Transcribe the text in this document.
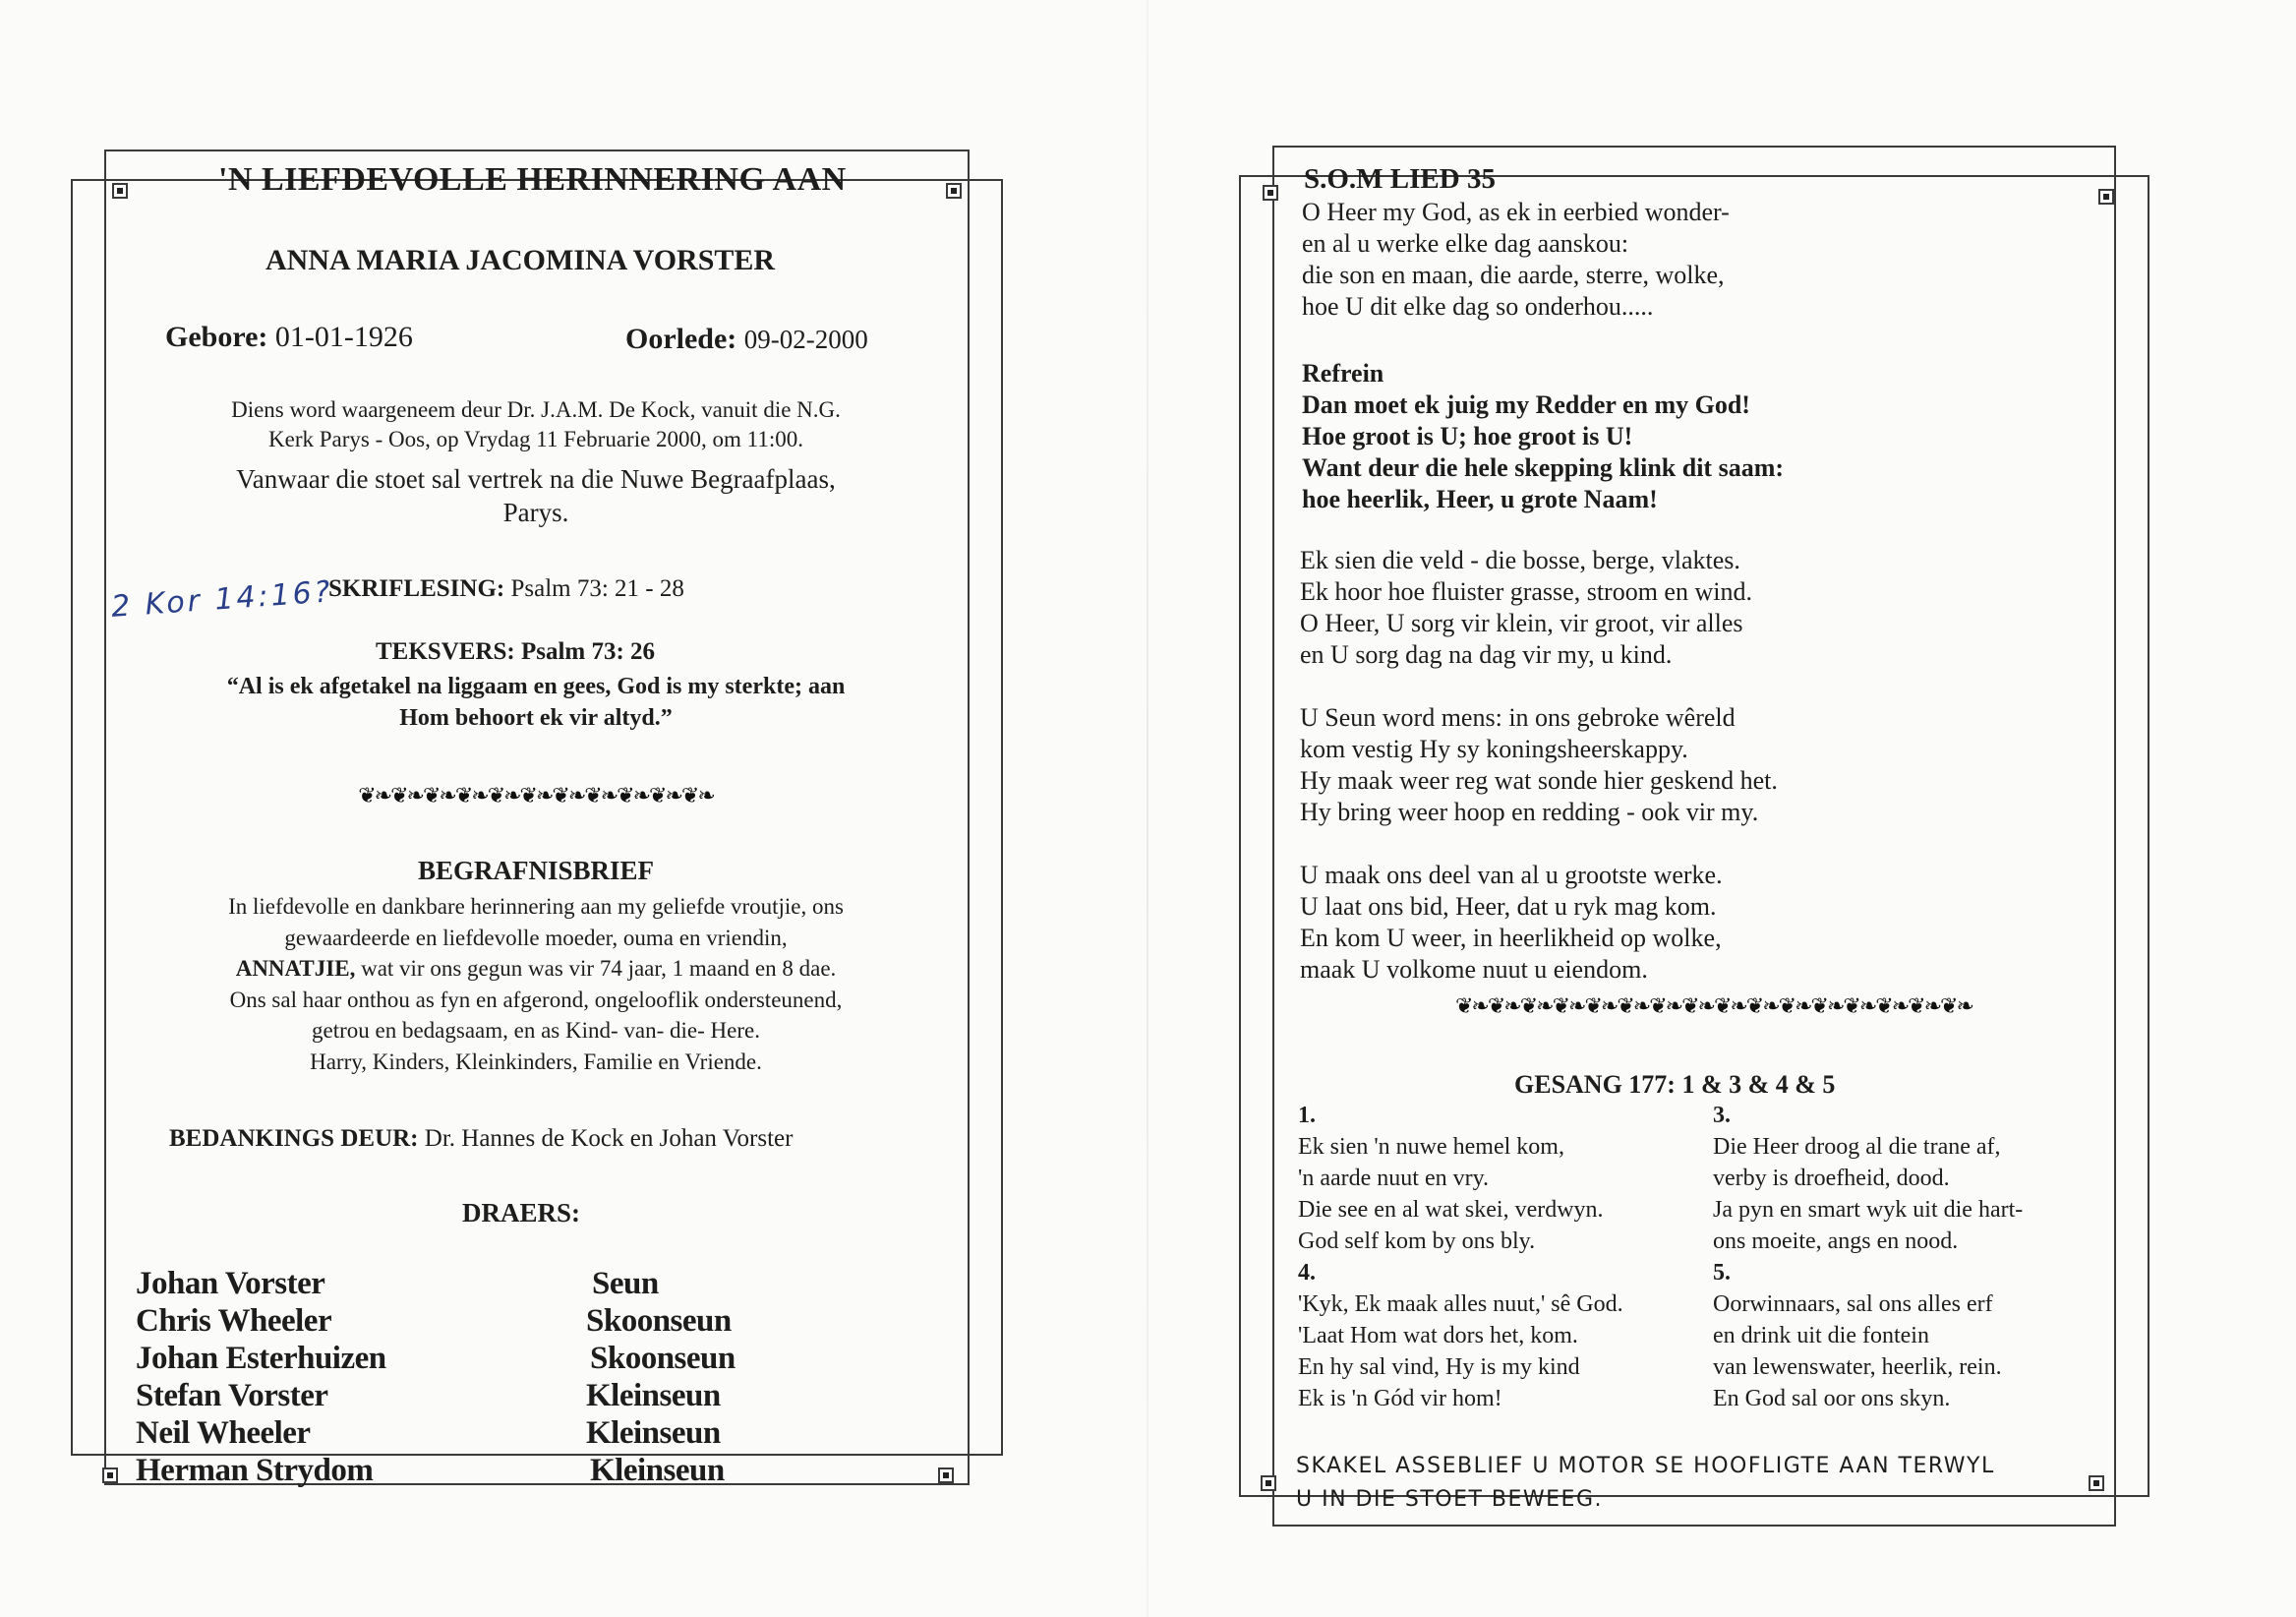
'N LIEFDEVOLLE HERINNERING AAN
ANNA MARIA JACOMINA VORSTER
Gebore: 01-01-1926	Oorlede: 09-02-2000
Diens word waargeneem deur Dr. J.A.M. De Kock, vanuit die N.G.
Kerk Parys - Oos, op Vrydag 11 Februarie 2000, om 11:00.
Vanwaar die stoet sal vertrek na die Nuwe Begraafplaas,
Parys.
2 Kor 14:16?
SKRIFLESING: Psalm 73: 21 - 28
TEKSVERS: Psalm 73: 26
“Al is ek afgetakel na liggaam en gees, God is my sterkte; aan
Hom behoort ek vir altyd.”
❦❧❦❧❦❧❦❧❦❧❦❧❦❧❦❧❦❧❦❧❦❧
BEGRAFNISBRIEF
In liefdevolle en dankbare herinnering aan my geliefde vroutjie, ons
gewaardeerde en liefdevolle moeder, ouma en vriendin,
ANNATJIE, wat vir ons gegun was vir 74 jaar, 1 maand en 8 dae.
Ons sal haar onthou as fyn en afgerond, ongelooflik ondersteunend,
getrou en bedagsaam, en as Kind- van- die- Here.
Harry, Kinders, Kleinkinders, Familie en Vriende.
BEDANKINGS DEUR: Dr. Hannes de Kock en Johan Vorster
DRAERS:
Johan Vorster	Seun
Chris Wheeler	Skoonseun
Johan Esterhuizen	Skoonseun
Stefan Vorster	Kleinseun
Neil Wheeler	Kleinseun
Herman Strydom	Kleinseun
S.O.M LIED 35
O Heer my God, as ek in eerbied wonder-
en al u werke elke dag aanskou:
die son en maan, die aarde, sterre, wolke,
hoe U dit elke dag so onderhou.....
Refrein
Dan moet ek juig my Redder en my God!
Hoe groot is U; hoe groot is U!
Want deur die hele skepping klink dit saam:
hoe heerlik, Heer, u grote Naam!
Ek sien die veld - die bosse, berge, vlaktes.
Ek hoor hoe fluister grasse, stroom en wind.
O Heer, U sorg vir klein, vir groot, vir alles
en U sorg dag na dag vir my, u kind.
U Seun word mens: in ons gebroke wêreld
kom vestig Hy sy koningsheerskappy.
Hy maak weer reg wat sonde hier geskend het.
Hy bring weer hoop en redding - ook vir my.
U maak ons deel van al u grootste werke.
U laat ons bid, Heer, dat u ryk mag kom.
En kom U weer, in heerlikheid op wolke,
maak U volkome nuut u eiendom.
❦❧❦❧❦❧❦❧❦❧❦❧❦❧❦❧❦❧❦❧❦❧❦❧❦❧❦❧❦❧❦❧
GESANG 177: 1 & 3 & 4 & 5
1.
Ek sien 'n nuwe hemel kom,
'n aarde nuut en vry.
Die see en al wat skei, verdwyn.
God self kom by ons bly.
4.
'Kyk, Ek maak alles nuut,' sê God.
'Laat Hom wat dors het, kom.
En hy sal vind, Hy is my kind
Ek is 'n Gód vir hom!
3.
Die Heer droog al die trane af,
verby is droefheid, dood.
Ja pyn en smart wyk uit die hart-
ons moeite, angs en nood.
5.
Oorwinnaars, sal ons alles erf
en drink uit die fontein
van lewenswater, heerlik, rein.
En God sal oor ons skyn.
SKAKEL ASSEBLIEF U MOTOR SE HOOFLIGTE AAN TERWYL
U IN DIE STOET BEWEEG.
